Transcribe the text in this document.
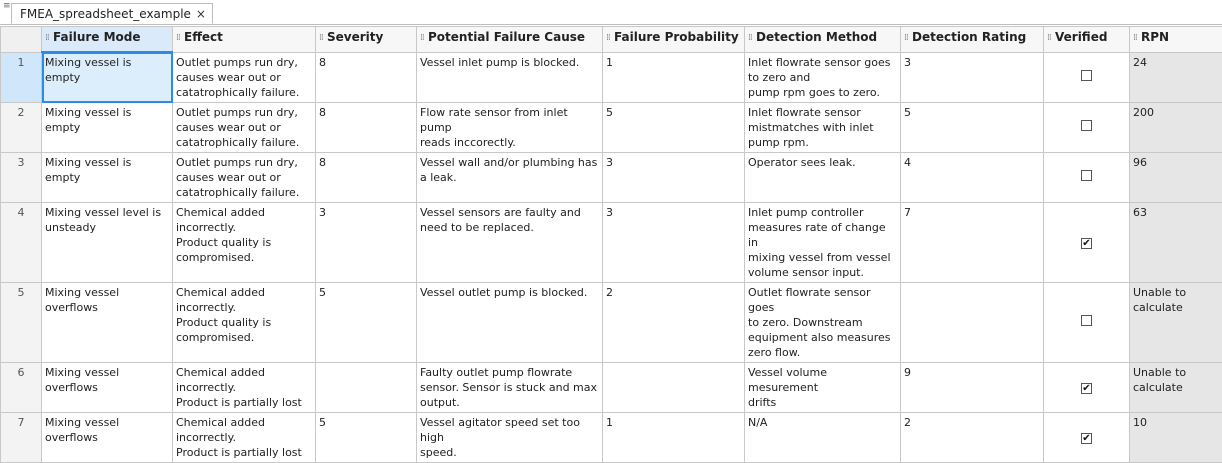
≡
FMEA_spreadsheet_example ×
	⁞⁞ Failure Mode	⁞⁞ Effect	⁞⁞ Severity	⁞⁞ Potential Failure Cause	⁞⁞ Failure Probability	⁞⁞ Detection Method	⁞⁞ Detection Rating	⁞⁞ Verified	⁞⁞ RPN
1	Mixing vessel is empty	Outlet pumps run dry,
causes wear out or
catatrophically failure.	8	Vessel inlet pump is blocked.	1	Inlet flowrate sensor goes
to zero and
pump rpm goes to zero.	3		24
2	Mixing vessel is empty	Outlet pumps run dry,
causes wear out or
catatrophically failure.	8	Flow rate sensor from inlet pump
reads inccorectly.	5	Inlet flowrate sensor
mistmatches with inlet
pump rpm.	5		200
3	Mixing vessel is empty	Outlet pumps run dry,
causes wear out or
catatrophically failure.	8	Vessel wall and/or plumbing has
a leak.	3	Operator sees leak.	4		96
4	Mixing vessel level is
unsteady	Chemical added
incorrectly.
Product quality is
compromised.	3	Vessel sensors are faulty and
need to be replaced.	3	Inlet pump controller
measures rate of change in
mixing vessel from vessel
volume sensor input.	7	✔	63
5	Mixing vessel
overflows	Chemical added
incorrectly.
Product quality is
compromised.	5	Vessel outlet pump is blocked.	2	Outlet flowrate sensor goes
to zero. Downstream
equipment also measures
zero flow.			Unable to
calculate
6	Mixing vessel
overflows	Chemical added
incorrectly.
Product is partially lost		Faulty outlet pump flowrate
sensor. Sensor is stuck and max
output.		Vessel volume mesurement
drifts	9	✔	Unable to
calculate
7	Mixing vessel
overflows	Chemical added
incorrectly.
Product is partially lost	5	Vessel agitator speed set too high
speed.	1	N/A	2	✔	10
